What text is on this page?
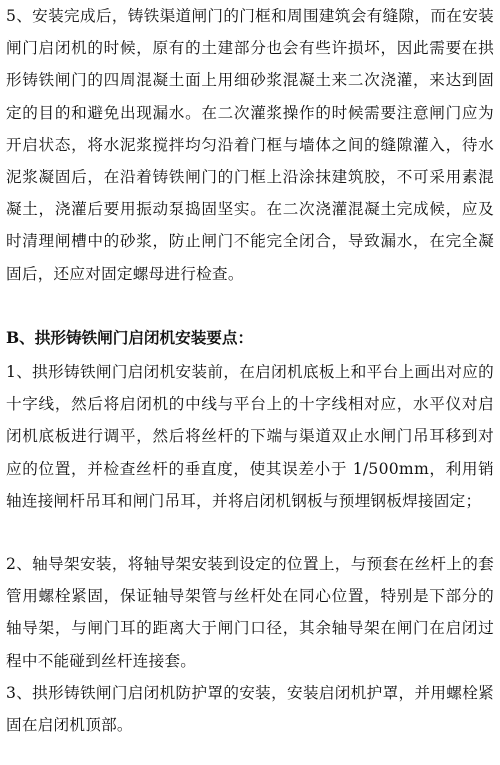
5、安装完成后，铸铁渠道闸门的门框和周围建筑会有缝隙，而在安装闸门启闭机的时候，原有的土建部分也会有些许损坏，因此需要在拱形铸铁闸门的四周混凝土面上用细砂浆混凝土来二次浇灌，来达到固定的目的和避免出现漏水。在二次灌浆操作的时候需要注意闸门应为开启状态，将水泥浆搅拌均匀沿着门框与墙体之间的缝隙灌入，待水泥浆凝固后，在沿着铸铁闸门的门框上沿涂抹建筑胶，不可采用素混凝土，浇灌后要用振动泵捣固坚实。在二次浇灌混凝土完成候，应及时清理闸槽中的砂浆，防止闸门不能完全闭合，导致漏水，在完全凝固后，还应对固定螺母进行检查。

B、拱形铸铁闸门启闭机安装要点：

1、拱形铸铁闸门启闭机安装前，在启闭机底板上和平台上画出对应的十字线，然后将启闭机的中线与平台上的十字线相对应，水平仪对启闭机底板进行调平，然后将丝杆的下端与渠道双止水闸门吊耳移到对应的位置，并检查丝杆的垂直度，使其误差小于 1/500mm，利用销轴连接闸杆吊耳和闸门吊耳，并将启闭机钢板与预埋钢板焊接固定；

2、轴导架安装，将轴导架安装到设定的位置上，与预套在丝杆上的套管用螺栓紧固，保证轴导架管与丝杆处在同心位置，特别是下部分的轴导架，与闸门耳的距离大于闸门口径，其余轴导架在闸门在启闭过程中不能碰到丝杆连接套。

3、拱形铸铁闸门启闭机防护罩的安装，安装启闭机护罩，并用螺栓紧固在启闭机顶部。
